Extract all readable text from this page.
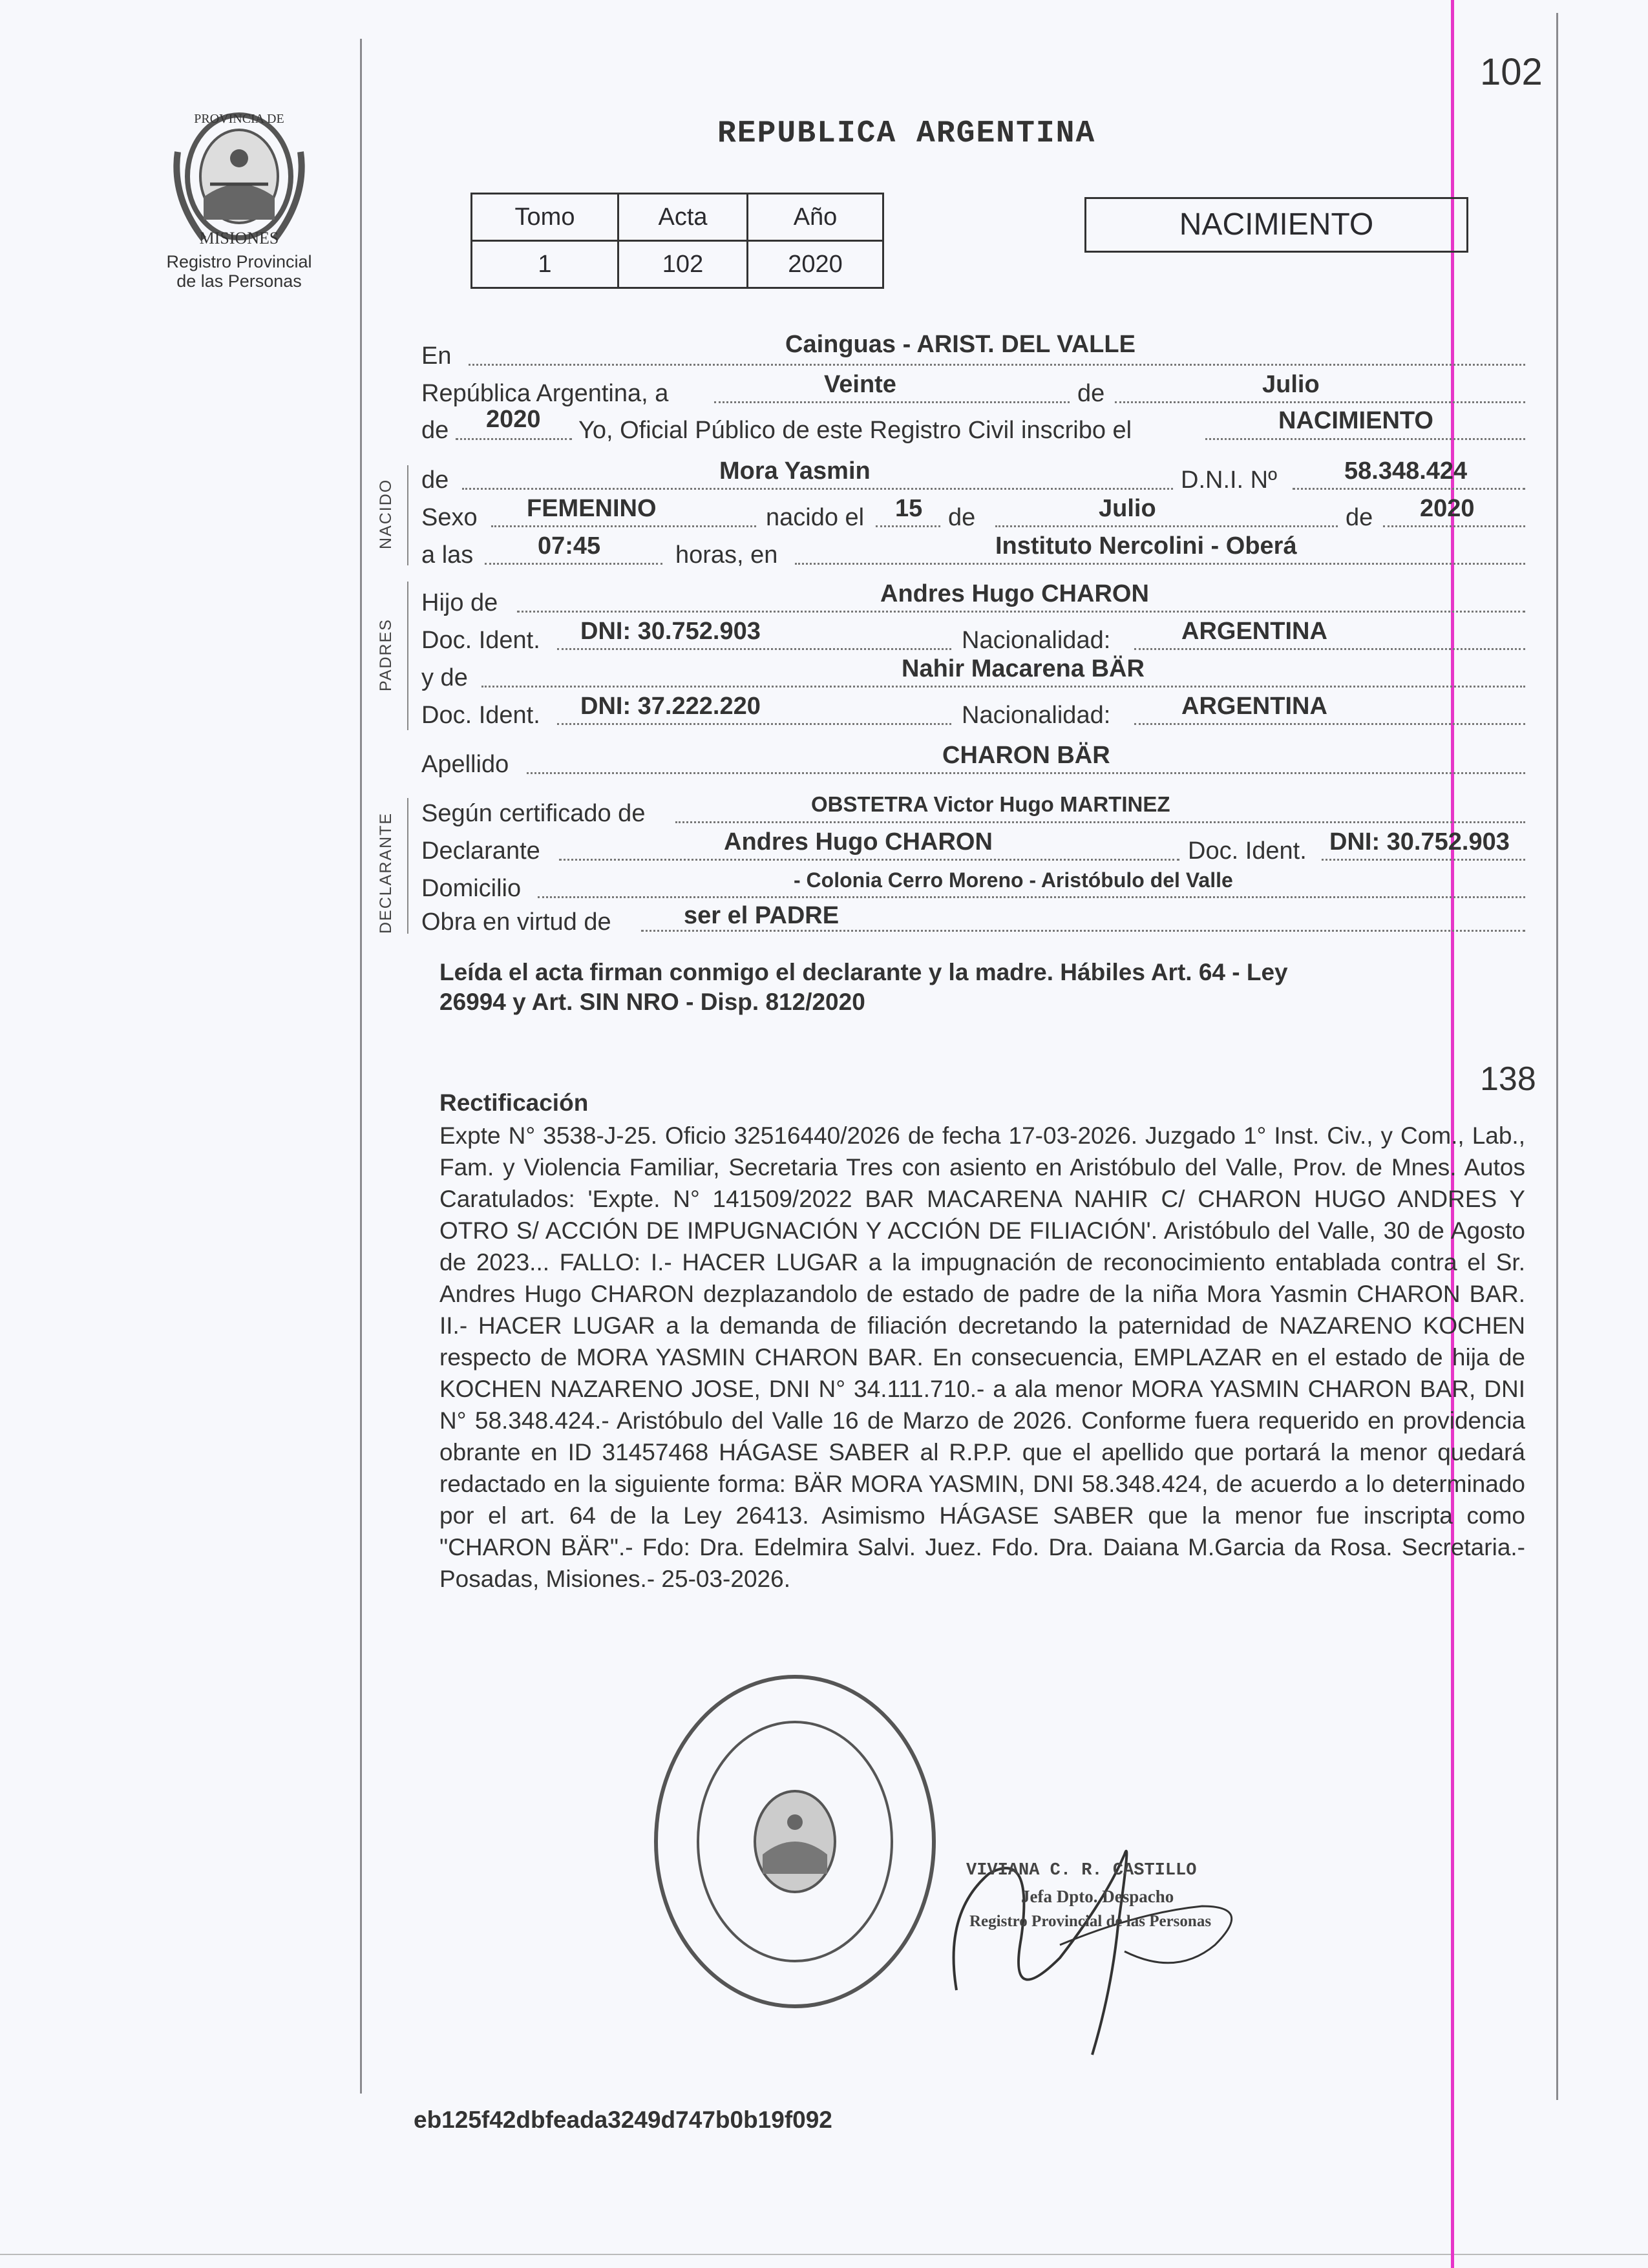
PROVINCIA DE
MISIONES
Registro Provincial
de las Personas
102
REPUBLICA ARGENTINA
Tomo	Acta	Año
1	102	2020
NACIMIENTO
En	Cainguas - ARIST. DEL VALLE
República Argentina, a	Veinte	de	Julio
de 2020 Yo, Oficial Público de este Registro Civil inscribo el	NACIMIENTO
NACIDO de	Mora Yasmin	D.N.I. Nº	58.348.424
Sexo FEMENINO	nacido el 15 de	Julio	de 2020
a las	07:45	horas, en	Instituto Nercolini - Oberá
PADRES
Hijo de	Andres Hugo CHARON
Doc. Ident. DNI: 30.752.903	Nacionalidad:	ARGENTINA
y de	Nahir Macarena BÄR
Doc. Ident. DNI: 37.222.220	Nacionalidad:	ARGENTINA
Apellido	CHARON BÄR
DECLARANTE Según certificado de	OBSTETRA Victor Hugo MARTINEZ
Declarante	Andres Hugo CHARON	Doc. Ident. DNI: 30.752.903
Domicilio	- Colonia Cerro Moreno - Aristóbulo del Valle
Obra en virtud de	ser el PADRE
Leída el acta firman conmigo el declarante y la madre. Hábiles Art. 64 - Ley
26994 y Art. SIN NRO - Disp. 812/2020
138
Rectificación
Expte N° 3538-J-25. Oficio 32516440/2026 de fecha 17-03-2026. Juzgado 1° Inst. Civ., y Com., Lab., Fam. y Violencia Familiar, Secretaria Tres con asiento en Aristóbulo del Valle, Prov. de Mnes. Autos Caratulados: 'Expte. N° 141509/2022 BAR MACARENA NAHIR C/ CHARON HUGO ANDRES Y OTRO S/ ACCIÓN DE IMPUGNACIÓN Y ACCIÓN DE FILIACIÓN'. Aristóbulo del Valle, 30 de Agosto de 2023... FALLO: I.- HACER LUGAR a la impugnación de reconocimiento entablada contra el Sr. Andres Hugo CHARON dezplazandolo de estado de padre de la niña Mora Yasmin CHARON BAR. II.- HACER LUGAR a la demanda de filiación decretando la paternidad de NAZARENO KOCHEN respecto de MORA YASMIN CHARON BAR. En consecuencia, EMPLAZAR en el estado de hija de KOCHEN NAZARENO JOSE, DNI N° 34.111.710.- a ala menor MORA YASMIN CHARON BAR, DNI N° 58.348.424.- Aristóbulo del Valle 16 de Marzo de 2026. Conforme fuera requerido en providencia obrante en ID 31457468 HÁGASE SABER al R.P.P. que el apellido que portará la menor quedará redactado en la siguiente forma: BÄR MORA YASMIN, DNI 58.348.424, de acuerdo a lo determinado por el art. 64 de la Ley 26413. Asimismo HÁGASE SABER que la menor fue inscripta como "CHARON BÄR".- Fdo: Dra. Edelmira Salvi. Juez. Fdo. Dra. Daiana M.Garcia da Rosa. Secretaria.- Posadas, Misiones.- 25-03-2026.
VIVIANA C. R. CASTILLO
Jefa Dpto. Despacho
Registro Provincial de las Personas
eb125f42dbfeada3249d747b0b19f092
